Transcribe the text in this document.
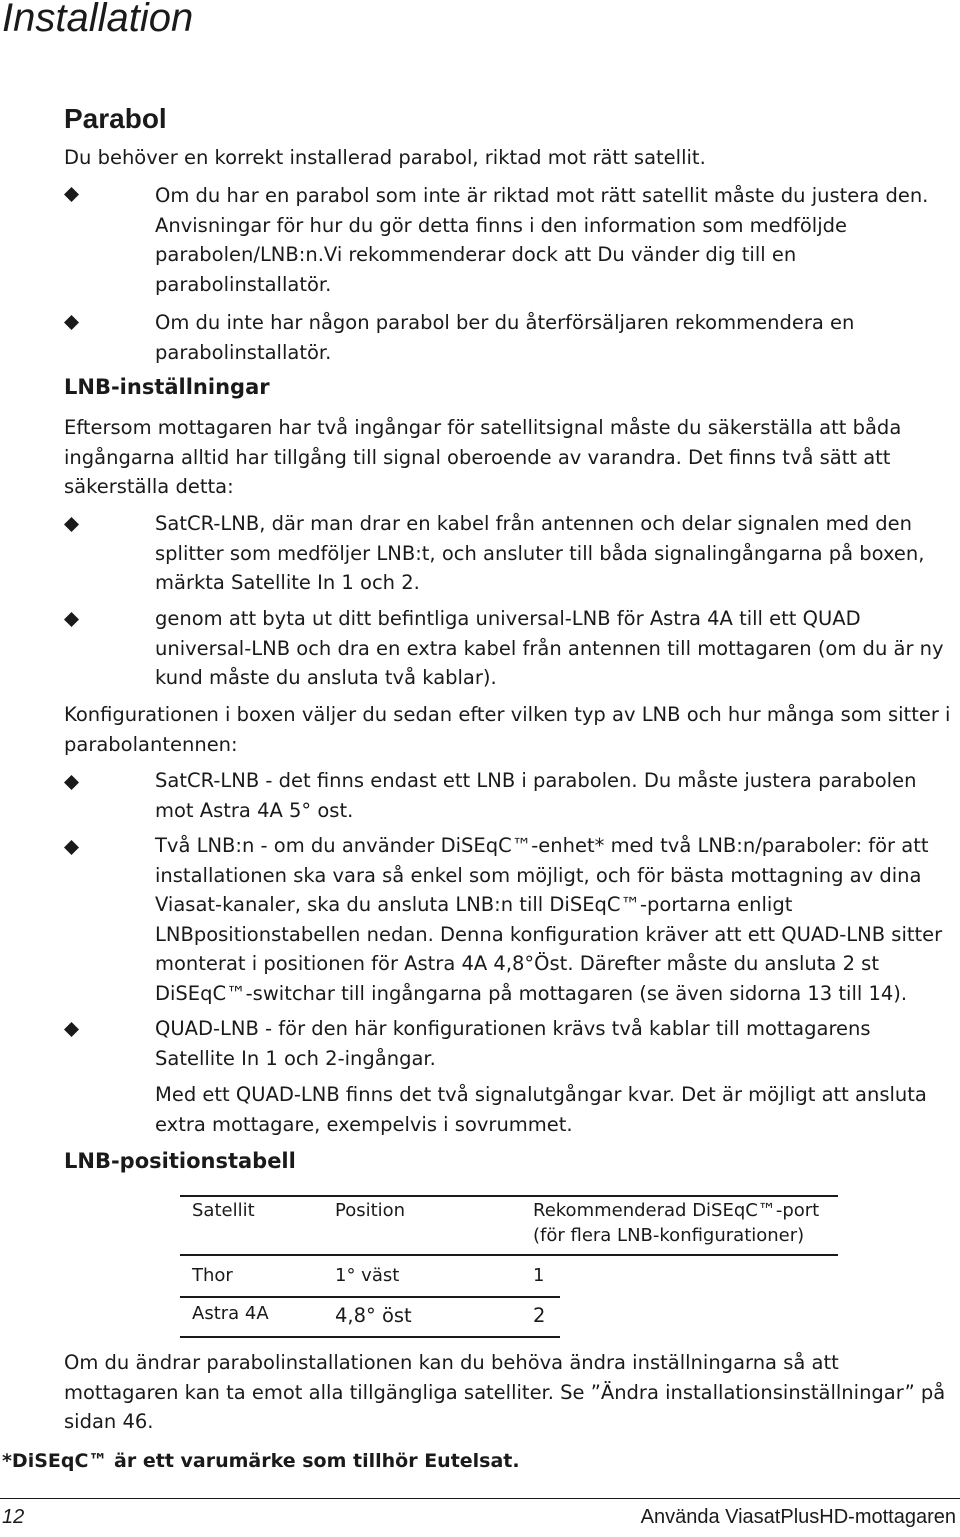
Installation
Parabol
Du behöver en korrekt installerad parabol, riktad mot rätt satellit.
Om du har en parabol som inte är riktad mot rätt satellit måste du justera den. Anvisningar för hur du gör detta finns i den information som medföljde parabolen/LNB:n.Vi rekommenderar dock att Du vänder dig till en parabolinstallatör.
Om du inte har någon parabol ber du återförsäljaren rekommendera en parabolinstallatör.
LNB-inställningar
Eftersom mottagaren har två ingångar för satellitsignal måste du säkerställa att båda ingångarna alltid har tillgång till signal oberoende av varandra. Det finns två sätt att säkerställa detta:
SatCR-LNB, där man drar en kabel från antennen och delar signalen med den splitter som medföljer LNB:t, och ansluter till båda signalingångarna på boxen, märkta Satellite In 1 och 2.
genom att byta ut ditt befintliga universal-LNB för Astra 4A till ett QUAD universal-LNB och dra en extra kabel från antennen till mottagaren (om du är ny kund måste du ansluta två kablar).
Konfigurationen i boxen väljer du sedan efter vilken typ av LNB och hur många som sitter i parabolantennen:
SatCR-LNB - det finns endast ett LNB i parabolen. Du måste justera parabolen mot Astra 4A 5° ost.
Två LNB:n - om du använder DiSEqC™-enhet* med två LNB:n/paraboler: för att installationen ska vara så enkel som möjligt, och för bästa mottagning av dina Viasat-kanaler, ska du ansluta LNB:n till DiSEqC™-portarna enligt LNBpositionstabellen nedan. Denna konfiguration kräver att ett QUAD-LNB sitter monterat i positionen för Astra 4A 4,8°Öst. Därefter måste du ansluta 2 st DiSEqC™-switchar till ingångarna på mottagaren (se även sidorna 13 till 14).
QUAD-LNB - för den här konfigurationen krävs två kablar till mottagarens Satellite In 1 och 2-ingångar.
Med ett QUAD-LNB finns det två signalutgångar kvar. Det är möjligt att ansluta extra mottagare, exempelvis i sovrummet.
LNB-positionstabell
Satellit	Position	Rekommenderad DiSEqC™-port
(för flera LNB-konfigurationer)
Thor	1° väst	1
Astra 4A	4,8° öst	2
Om du ändrar parabolinstallationen kan du behöva ändra inställningarna så att mottagaren kan ta emot alla tillgängliga satelliter. Se ”Ändra installationsinställningar” på sidan 46.
*DiSEqC™ är ett varumärke som tillhör Eutelsat.
12	Använda ViasatPlusHD-mottagaren
